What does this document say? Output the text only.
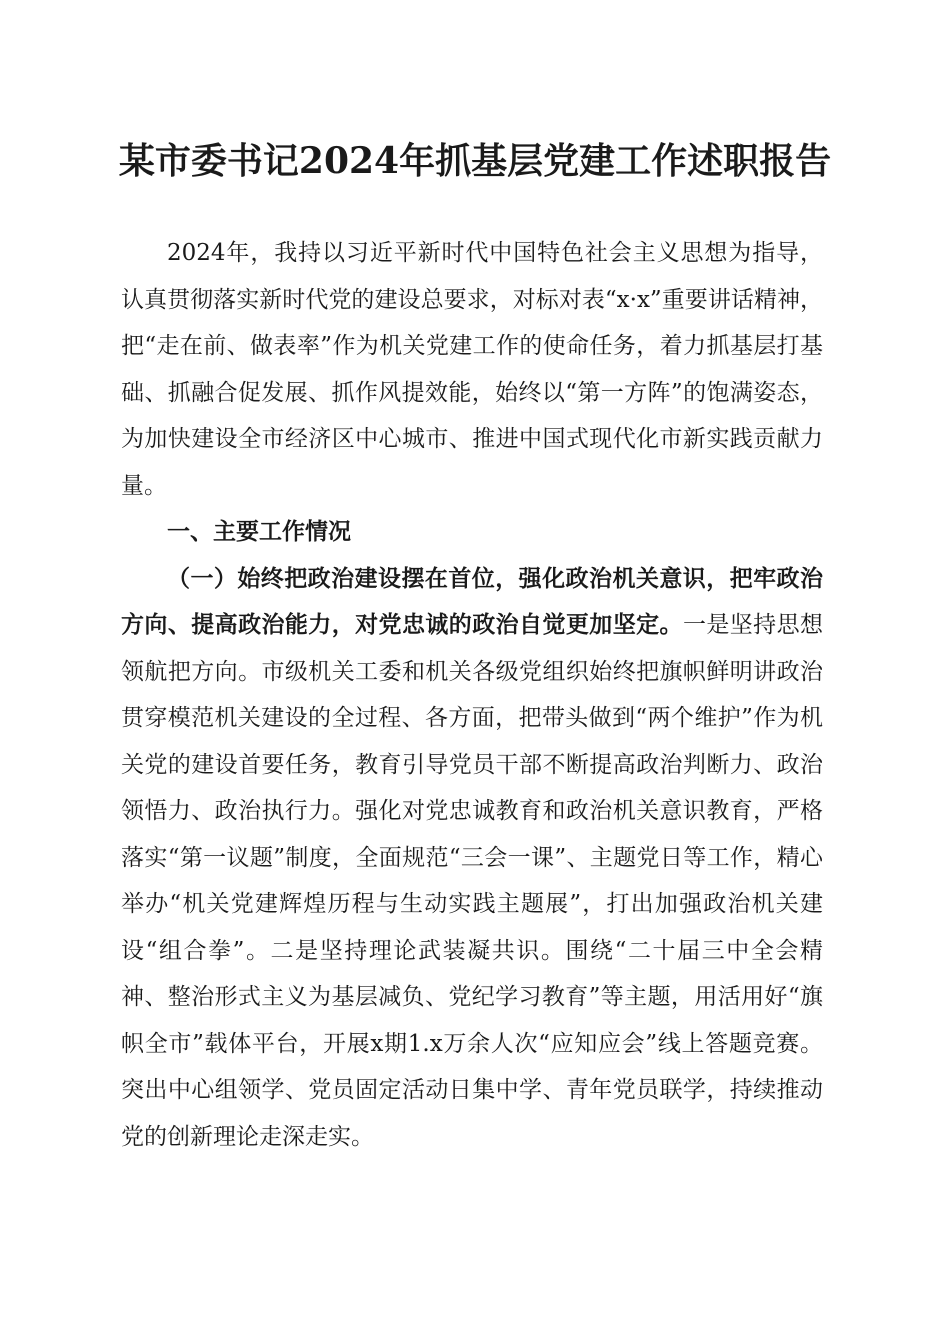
某市委书记2024年抓基层党建工作述职报告

2024年，我持以习近平新时代中国特色社会主义思想为指导，认真贯彻落实新时代党的建设总要求，对标对表“x·x”重要讲话精神，把“走在前、做表率”作为机关党建工作的使命任务，着力抓基层打基础、抓融合促发展、抓作风提效能，始终以“第一方阵”的饱满姿态，为加快建设全市经济区中心城市、推进中国式现代化市新实践贡献力量。

一、主要工作情况

（一）始终把政治建设摆在首位，强化政治机关意识，把牢政治方向、提高政治能力，对党忠诚的政治自觉更加坚定。一是坚持思想领航把方向。市级机关工委和机关各级党组织始终把旗帜鲜明讲政治贯穿模范机关建设的全过程、各方面，把带头做到“两个维护”作为机关党的建设首要任务，教育引导党员干部不断提高政治判断力、政治领悟力、政治执行力。强化对党忠诚教育和政治机关意识教育，严格落实“第一议题”制度，全面规范“三会一课”、主题党日等工作，精心举办“机关党建辉煌历程与生动实践主题展”，打出加强政治机关建设“组合拳”。二是坚持理论武装凝共识。围绕“二十届三中全会精神、整治形式主义为基层减负、党纪学习教育”等主题，用活用好“旗帜全市”载体平台，开展x期1.x万余人次“应知应会”线上答题竞赛。突出中心组领学、党员固定活动日集中学、青年党员联学，持续推动党的创新理论走深走实。
